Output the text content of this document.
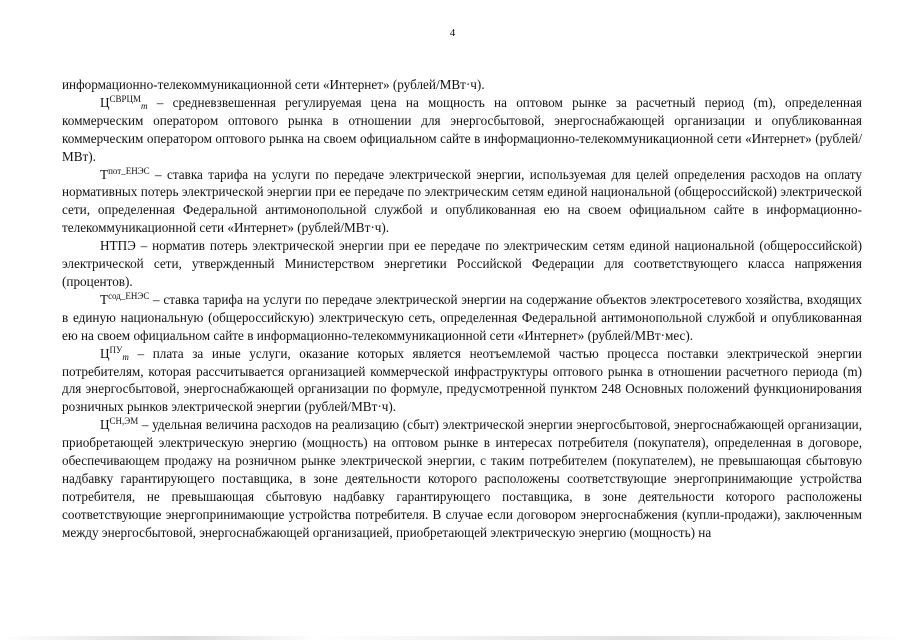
4

информационно-телекоммуникационной сети «Интернет» (рублей/МВт·ч).

$Ц^{СВРЦМ}_m$ – средневзвешенная регулируемая цена на мощность на оптовом рынке за расчетный период (m), определенная коммерческим оператором оптового рынка в отношении для энергосбытовой, энергоснабжающей организации и опубликованная коммерческим оператором оптового рынка на своем официальном сайте в информационно-телекоммуникационной сети «Интернет» (рублей/МВт).

$Т^{пот\_ЕНЭС}$ – ставка тарифа на услуги по передаче электрической энергии, используемая для целей определения расходов на оплату нормативных потерь электрической энергии при ее передаче по электрическим сетям единой национальной (общероссийской) электрической сети, определенная Федеральной антимонопольной службой и опубликованная ею на своем официальном сайте в информационно-телекоммуникационной сети «Интернет» (рублей/МВт·ч).

НТПЭ – норматив потерь электрической энергии при ее передаче по электрическим сетям единой национальной (общероссийской) электрической сети, утвержденный Министерством энергетики Российской Федерации для соответствующего класса напряжения (процентов).

$Т^{сод\_ЕНЭС}$ – ставка тарифа на услуги по передаче электрической энергии на содержание объектов электросетевого хозяйства, входящих в единую национальную (общероссийскую) электрическую сеть, определенная Федеральной антимонопольной службой и опубликованная ею на своем официальном сайте в информационно-телекоммуникационной сети «Интернет» (рублей/МВт·мес).

$Ц^{ПУ}_m$ – плата за иные услуги, оказание которых является неотъемлемой частью процесса поставки электрической энергии потребителям, которая рассчитывается организацией коммерческой инфраструктуры оптового рынка в отношении расчетного периода (m) для энергосбытовой, энергоснабжающей организации по формуле, предусмотренной пунктом 248 Основных положений функционирования розничных рынков электрической энергии (рублей/МВт·ч).

$Ц^{СН,ЭМ}$ – удельная величина расходов на реализацию (сбыт) электрической энергии энергосбытовой, энергоснабжающей организации, приобретающей электрическую энергию (мощность) на оптовом рынке в интересах потребителя (покупателя), определенная в договоре, обеспечивающем продажу на розничном рынке электрической энергии, с таким потребителем (покупателем), не превышающая сбытовую надбавку гарантирующего поставщика, в зоне деятельности которого расположены соответствующие энергопринимающие устройства потребителя, не превышающая сбытовую надбавку гарантирующего поставщика, в зоне деятельности которого расположены соответствующие энергопринимающие устройства потребителя. В случае если договором энергоснабжения (купли-продажи), заключенным между энергосбытовой, энергоснабжающей организацией, приобретающей электрическую энергию (мощность) на
